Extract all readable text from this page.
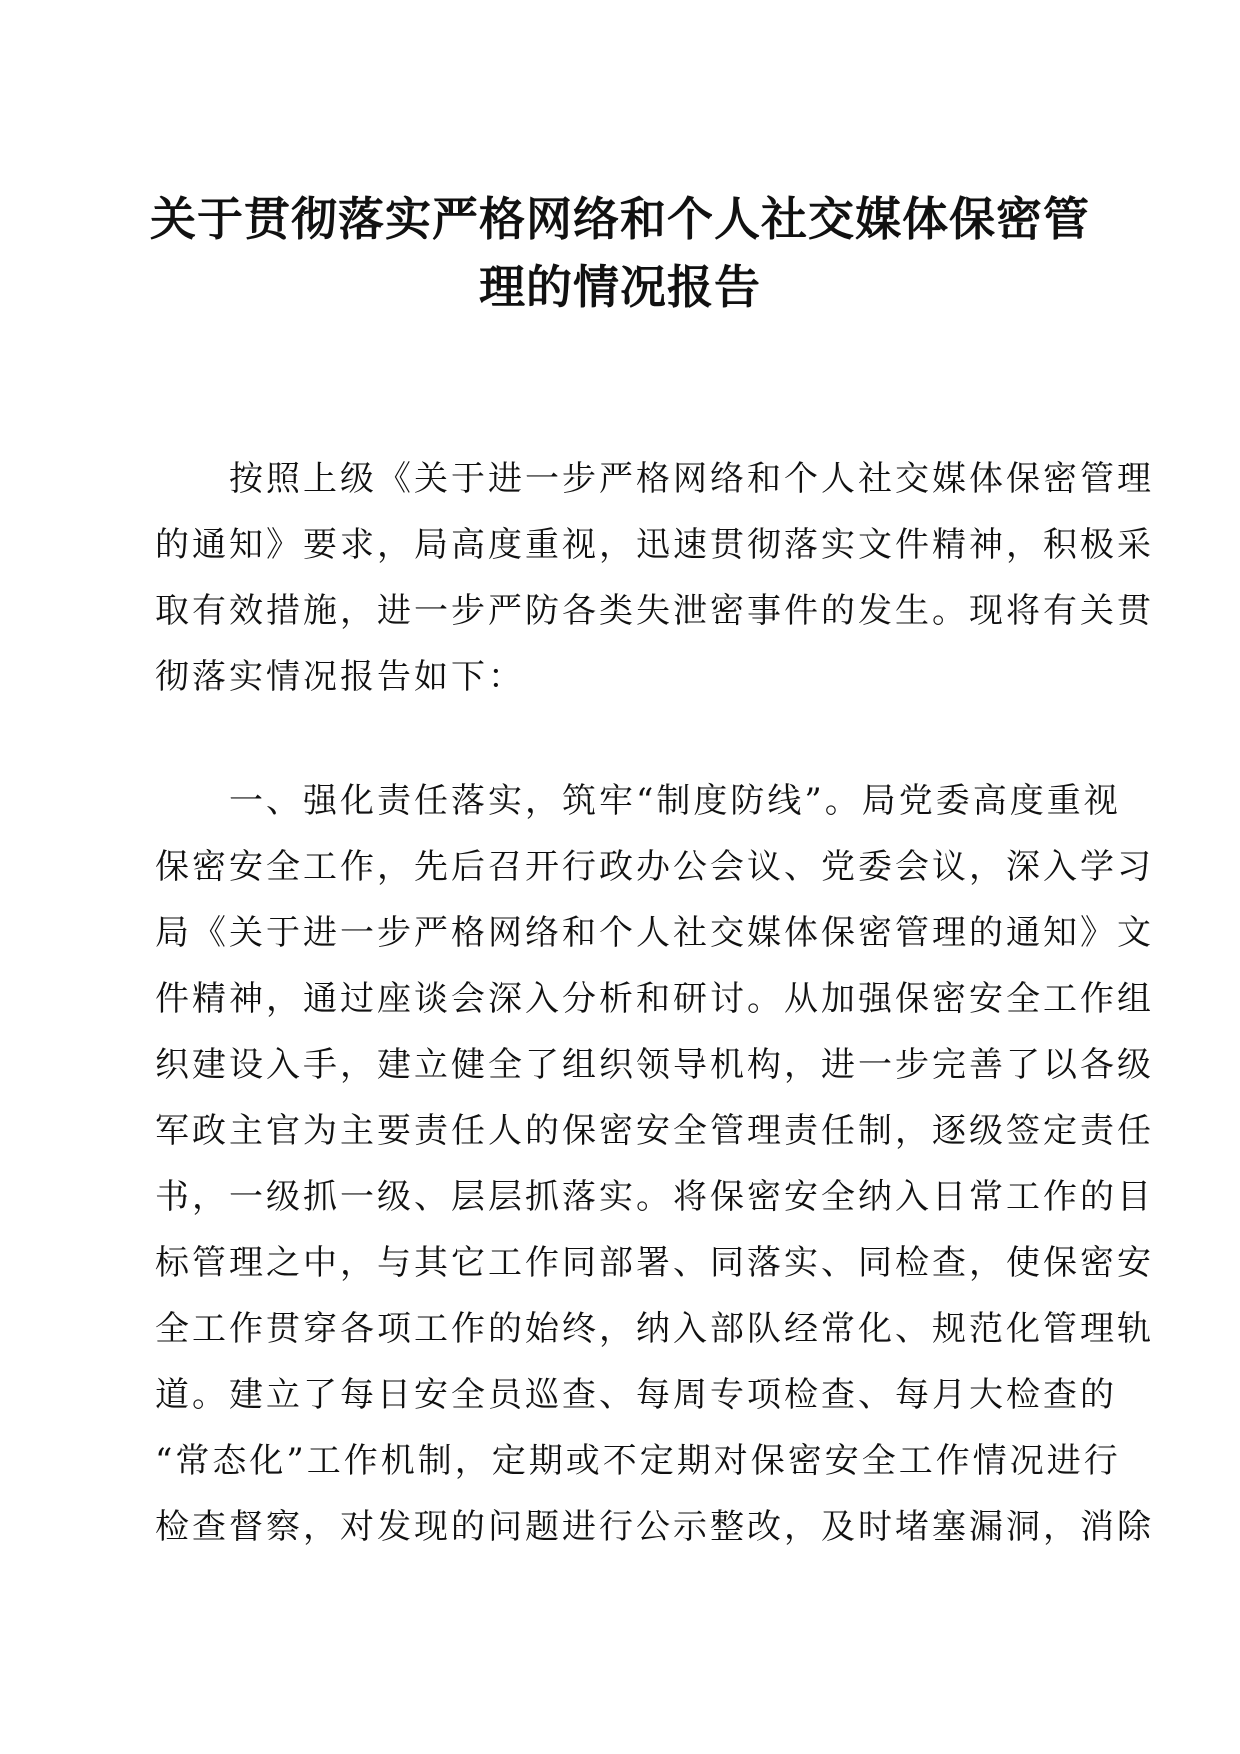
关于贯彻落实严格网络和个人社交媒体保密管
理的情况报告

　　按照上级《关于进一步严格网络和个人社交媒体保密管理
的通知》要求，局高度重视，迅速贯彻落实文件精神，积极采
取有效措施，进一步严防各类失泄密事件的发生。现将有关贯
彻落实情况报告如下：

　　一、强化责任落实，筑牢“制度防线”。局党委高度重视
保密安全工作，先后召开行政办公会议、党委会议，深入学习
局《关于进一步严格网络和个人社交媒体保密管理的通知》文
件精神，通过座谈会深入分析和研讨。从加强保密安全工作组
织建设入手，建立健全了组织领导机构，进一步完善了以各级
军政主官为主要责任人的保密安全管理责任制，逐级签定责任
书，一级抓一级、层层抓落实。将保密安全纳入日常工作的目
标管理之中，与其它工作同部署、同落实、同检查，使保密安
全工作贯穿各项工作的始终，纳入部队经常化、规范化管理轨
道。建立了每日安全员巡查、每周专项检查、每月大检查的
“常态化”工作机制，定期或不定期对保密安全工作情况进行
检查督察，对发现的问题进行公示整改，及时堵塞漏洞，消除
